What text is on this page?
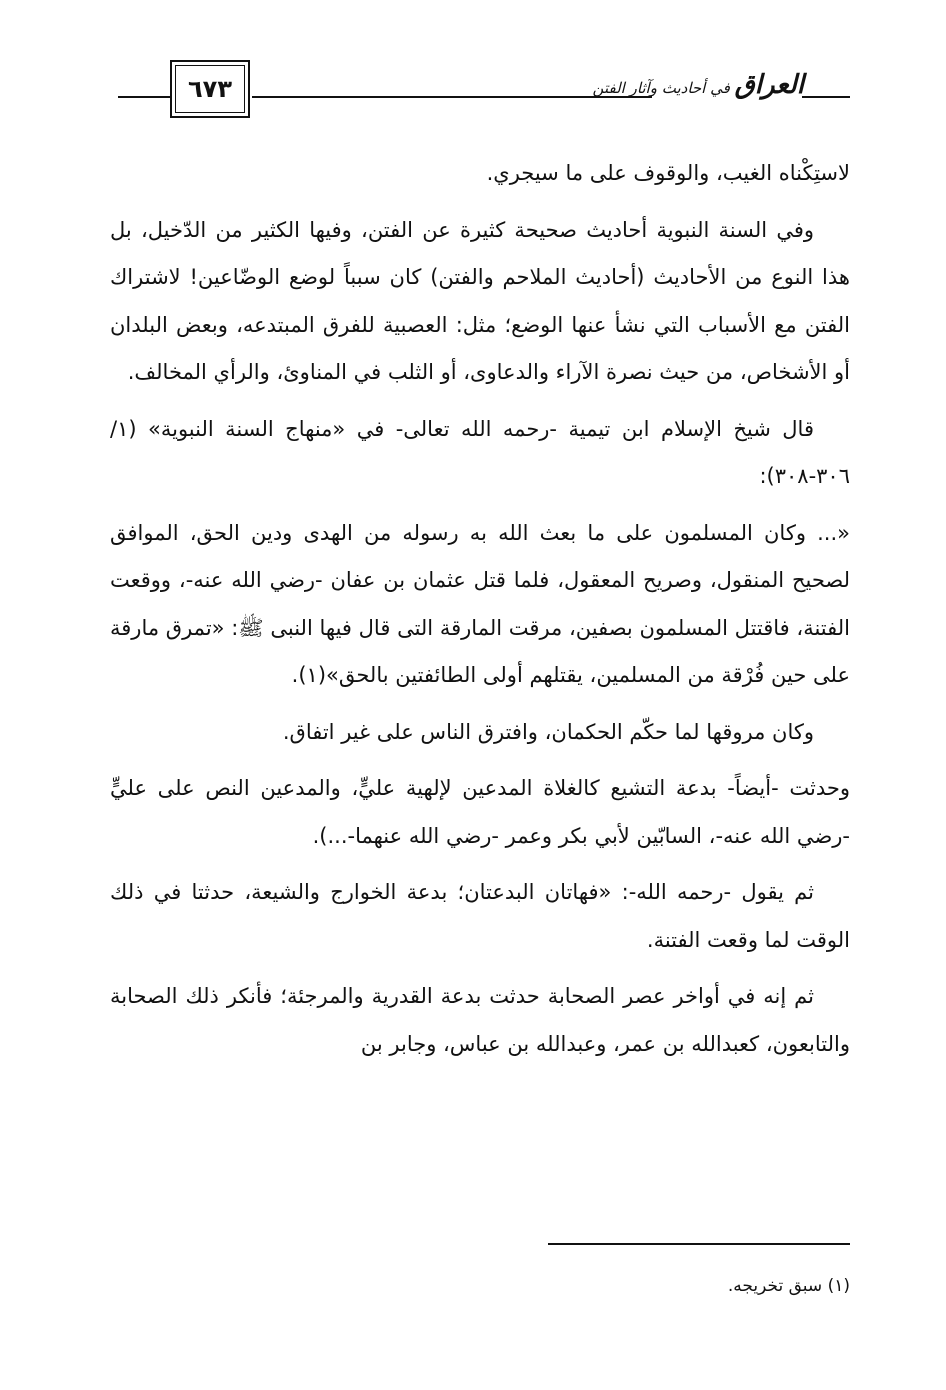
٦٧٣	العراق في أحاديث وآثار الفتن

لاستِكْناه الغيب، والوقوف على ما سيجري.

وفي السنة النبوية أحاديث صحيحة كثيرة عن الفتن، وفيها الكثير من الدّخيل، بل هذا النوع من الأحاديث (أحاديث الملاحم والفتن) كان سبباً لوضع الوضّاعين! لاشتراك الفتن مع الأسباب التي نشأ عنها الوضع؛ مثل: العصبية للفرق المبتدعه، وبعض البلدان أو الأشخاص، من حيث نصرة الآراء والدعاوى، أو الثلب في المناوئ، والرأي المخالف.

قال شيخ الإسلام ابن تيمية -رحمه الله تعالى- في «منهاج السنة النبوية» (١/ ٣٠٦-٣٠٨):

«... وكان المسلمون على ما بعث الله به رسوله من الهدى ودين الحق، الموافق لصحيح المنقول، وصريح المعقول، فلما قتل عثمان بن عفان -رضي الله عنه-، ووقعت الفتنة، فاقتتل المسلمون بصفين، مرقت المارقة التى قال فيها النبى ﷺ: «تمرق مارقة على حين فُرْقة من المسلمين، يقتلهم أولى الطائفتين بالحق»(١).

وكان مروقها لما حكّم الحكمان، وافترق الناس على غير اتفاق.

وحدثت -أيضاً- بدعة التشيع كالغلاة المدعين لإلهية عليٍّ، والمدعين النص على عليٍّ -رضي الله عنه-، السابّين لأبي بكر وعمر -رضي الله عنهما-...).

ثم يقول -رحمه الله-: «فهاتان البدعتان؛ بدعة الخوارج والشيعة، حدثتا في ذلك الوقت لما وقعت الفتنة.

ثم إنه في أواخر عصر الصحابة حدثت بدعة القدرية والمرجئة؛ فأنكر ذلك الصحابة والتابعون، كعبدالله بن عمر، وعبدالله بن عباس، وجابر بن

(١) سبق تخريجه.
